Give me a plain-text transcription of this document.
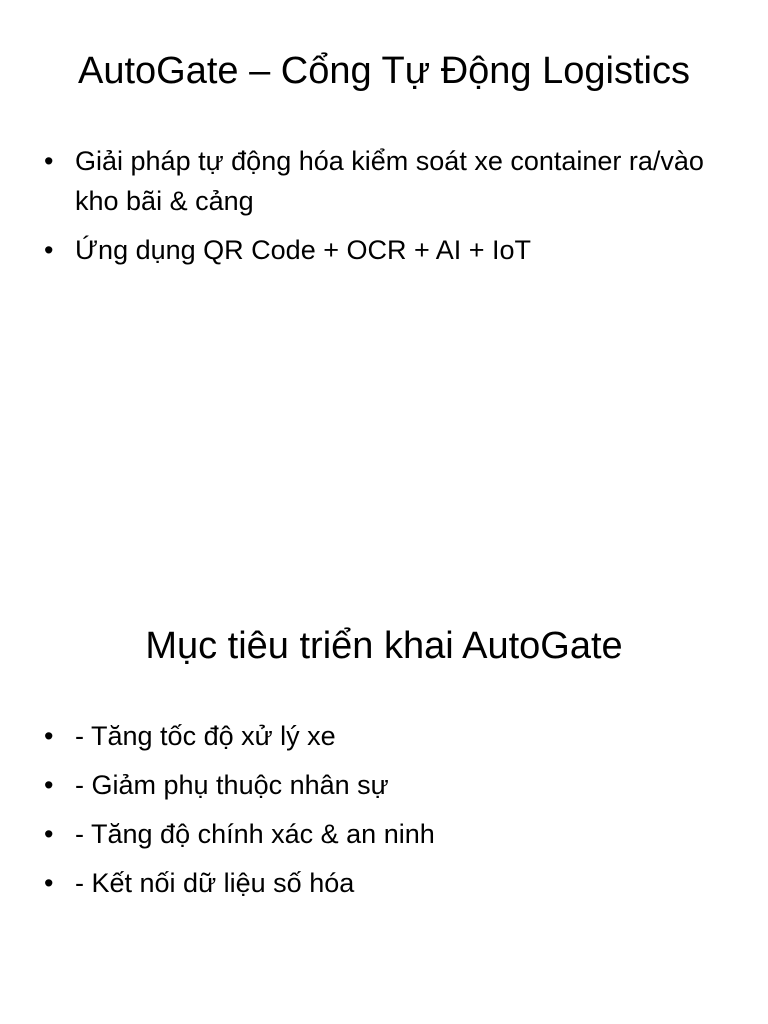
AutoGate – Cổng Tự Động Logistics
• Giải pháp tự động hóa kiểm soát xe container ra/vào kho bãi & cảng
• Ứng dụng QR Code + OCR + AI + IoT
Mục tiêu triển khai AutoGate
• - Tăng tốc độ xử lý xe
• - Giảm phụ thuộc nhân sự
• - Tăng độ chính xác & an ninh
• - Kết nối dữ liệu số hóa
